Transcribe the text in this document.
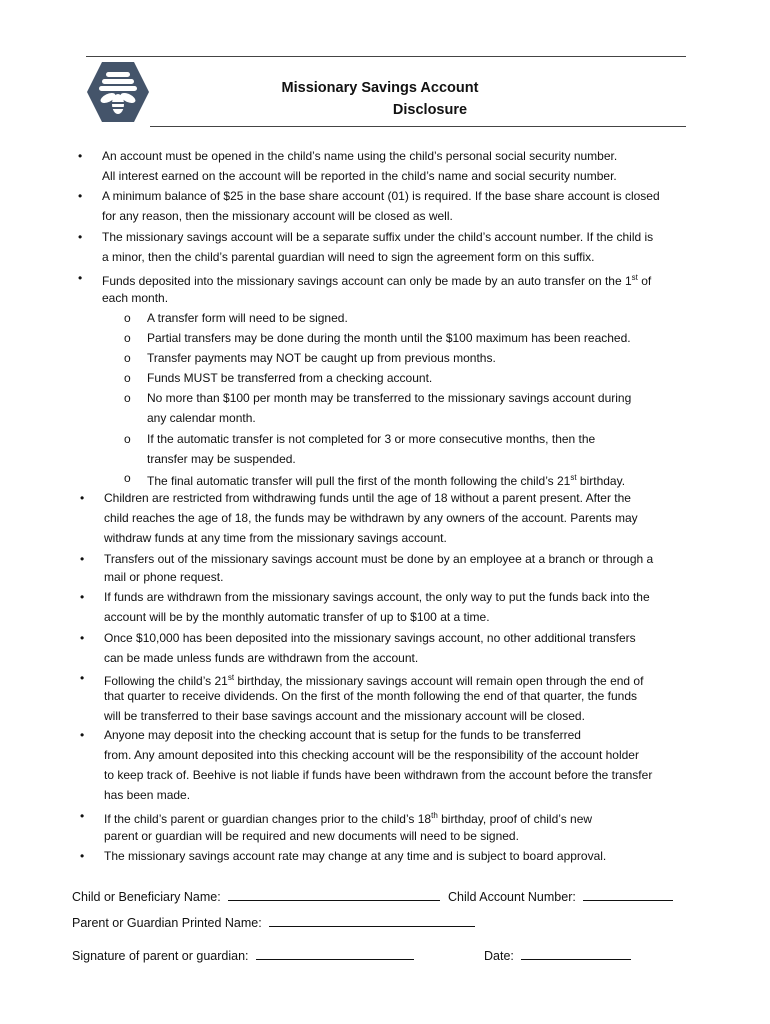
Missionary Savings Account
Disclosure
• An account must be opened in the child’s name using the child’s personal social security number.
All interest earned on the account will be reported in the child’s name and social security number.
• A minimum balance of $25 in the base share account (01) is required. If the base share account is closed
for any reason, then the missionary account will be closed as well.
• The missionary savings account will be a separate suffix under the child’s account number. If the child is
a minor, then the child’s parental guardian will need to sign the agreement form on this suffix.
• Funds deposited into the missionary savings account can only be made by an auto transfer on the 1st of
each month.
o A transfer form will need to be signed.
o Partial transfers may be done during the month until the $100 maximum has been reached.
o Transfer payments may NOT be caught up from previous months.
o Funds MUST be transferred from a checking account.
o No more than $100 per month may be transferred to the missionary savings account during
any calendar month.
o If the automatic transfer is not completed for 3 or more consecutive months, then the
transfer may be suspended.
o The final automatic transfer will pull the first of the month following the child’s 21st birthday.
• Children are restricted from withdrawing funds until the age of 18 without a parent present. After the
child reaches the age of 18, the funds may be withdrawn by any owners of the account. Parents may
withdraw funds at any time from the missionary savings account.
• Transfers out of the missionary savings account must be done by an employee at a branch or through a
mail or phone request.
• If funds are withdrawn from the missionary savings account, the only way to put the funds back into the
account will be by the monthly automatic transfer of up to $100 at a time.
• Once $10,000 has been deposited into the missionary savings account, no other additional transfers
can be made unless funds are withdrawn from the account.
• Following the child’s 21st birthday, the missionary savings account will remain open through the end of
that quarter to receive dividends. On the first of the month following the end of that quarter, the funds
will be transferred to their base savings account and the missionary account will be closed.
• Anyone may deposit into the checking account that is setup for the funds to be transferred
from. Any amount deposited into this checking account will be the responsibility of the account holder
to keep track of. Beehive is not liable if funds have been withdrawn from the account before the transfer
has been made.
• If the child’s parent or guardian changes prior to the child’s 18th birthday, proof of child’s new
parent or guardian will be required and new documents will need to be signed.
• The missionary savings account rate may change at any time and is subject to board approval.
Child or Beneficiary Name:	Child Account Number:
Parent or Guardian Printed Name:
Signature of parent or guardian:	Date:
